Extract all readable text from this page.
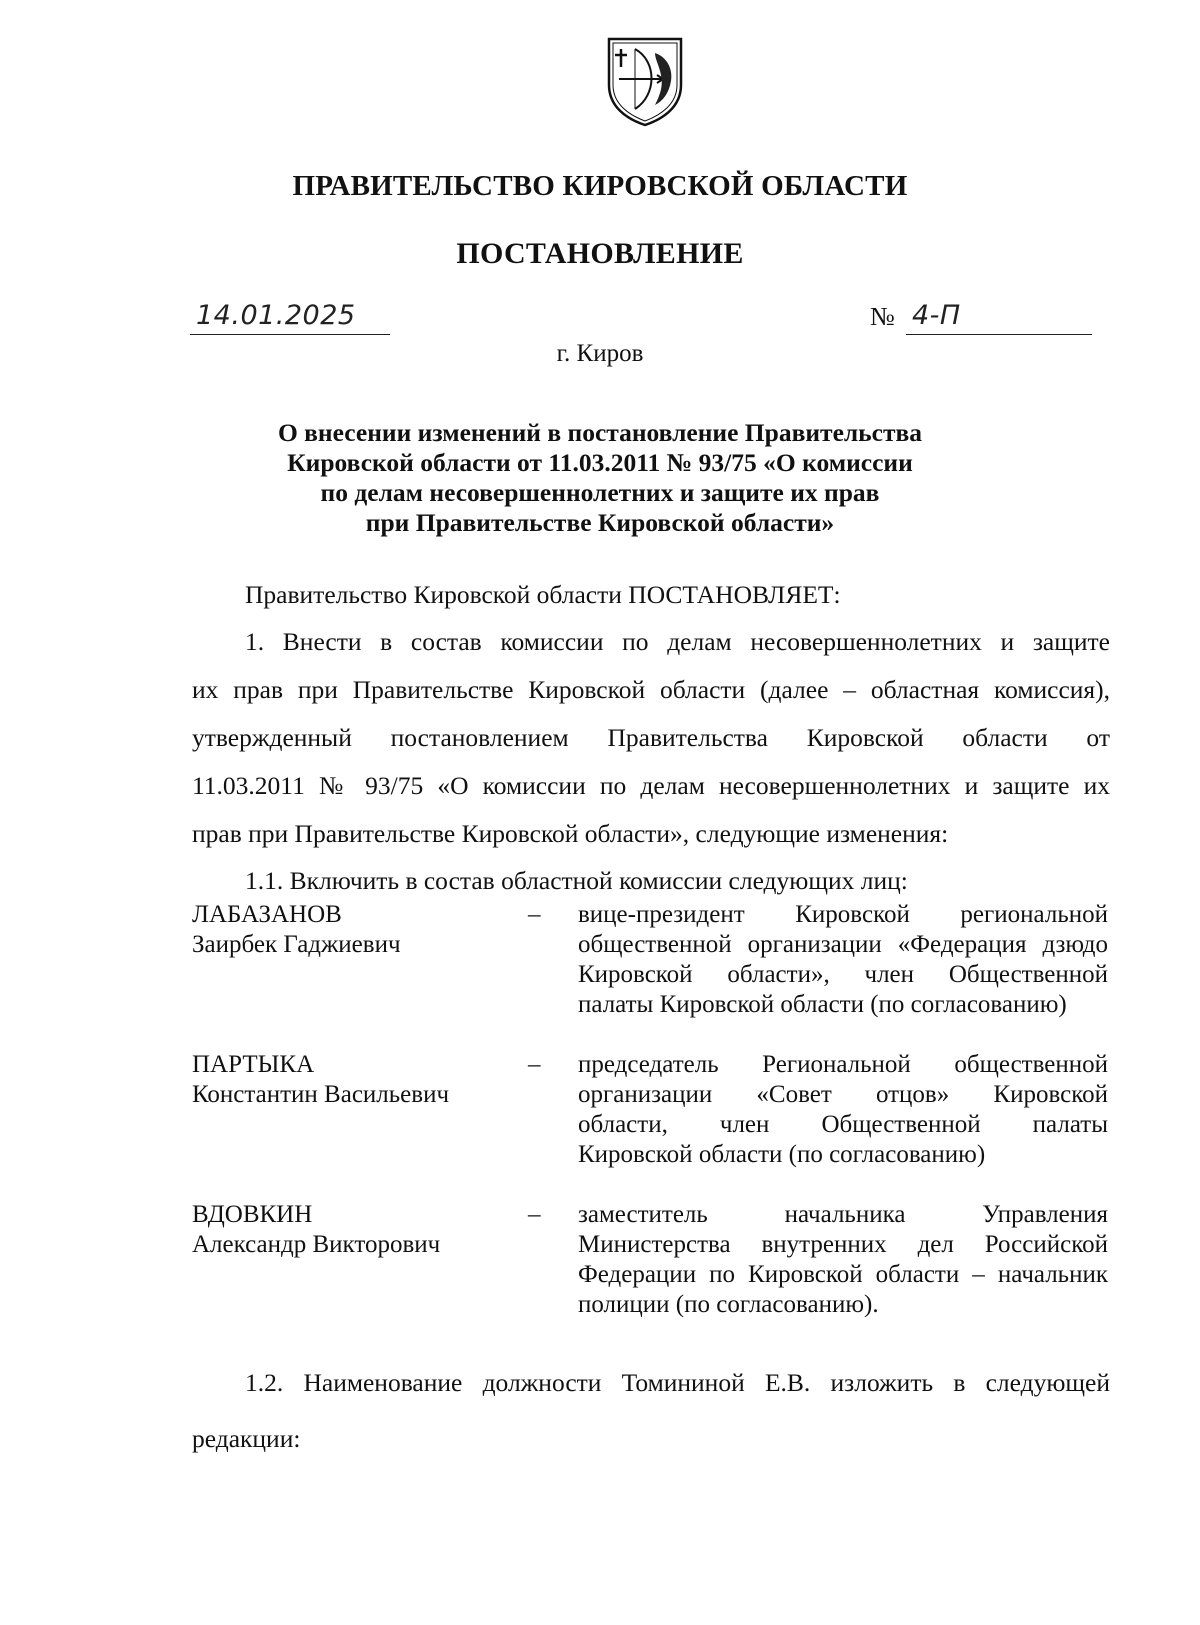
ПРАВИТЕЛЬСТВО КИРОВСКОЙ ОБЛАСТИ
ПОСТАНОВЛЕНИЕ
14.01.2025	№ 4-П
г. Киров
О внесении изменений в постановление Правительства
Кировской области от 11.03.2011 № 93/75 «О комиссии
по делам несовершеннолетних и защите их прав
при Правительстве Кировской области»
Правительство Кировской области ПОСТАНОВЛЯЕТ:
1. Внести в состав комиссии по делам несовершеннолетних и защите
их прав при Правительстве Кировской области (далее – областная комиссия),
утвержденный постановлением Правительства Кировской области от
11.03.2011 № 93/75 «О комиссии по делам несовершеннолетних и защите их
прав при Правительстве Кировской области», следующие изменения:
1.1. Включить в состав областной комиссии следующих лиц:
ЛАБАЗАНОВ
Заирбек Гаджиевич
– вице-президент Кировской региональной
общественной организации «Федерация дзюдо
Кировской области», член Общественной
палаты Кировской области (по согласованию)
ПАРТЫКА
Константин Васильевич
– председатель Региональной общественной
организации «Совет отцов» Кировской
области, член Общественной палаты
Кировской области (по согласованию)
ВДОВКИН
Александр Викторович
– заместитель начальника Управления
Министерства внутренних дел Российской
Федерации по Кировской области – начальник
полиции (по согласованию).
1.2. Наименование должности Томининой Е.В. изложить в следующей
редакции:
